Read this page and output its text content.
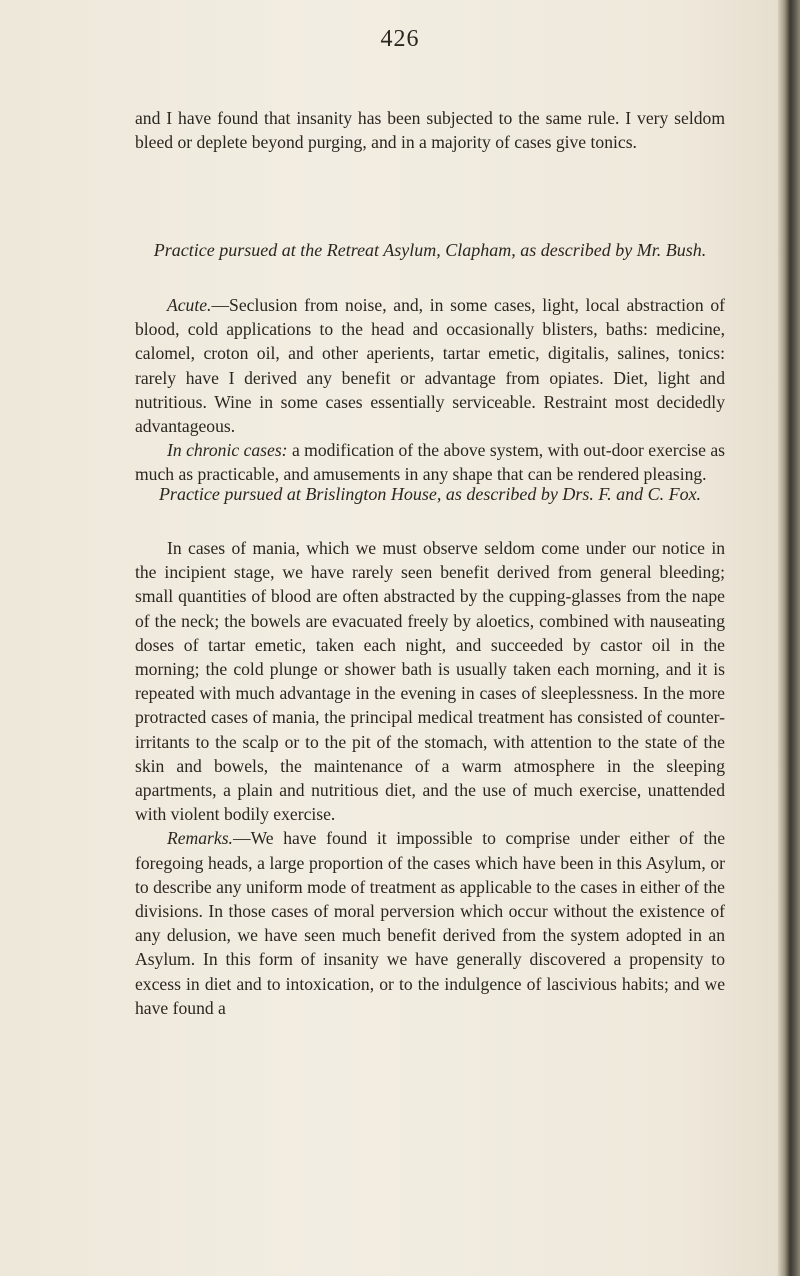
426

and I have found that insanity has been subjected to the same rule. I very seldom bleed or deplete beyond purging, and in a majority of cases give tonics.

Practice pursued at the Retreat Asylum, Clapham, as described by Mr. Bush.

Acute.—Seclusion from noise, and, in some cases, light, local abstraction of blood, cold applications to the head and occasionally blisters, baths: medicine, calomel, croton oil, and other aperients, tartar emetic, digitalis, salines, tonics: rarely have I derived any benefit or advantage from opiates. Diet, light and nutritious. Wine in some cases essentially serviceable. Restraint most decidedly advantageous.

In chronic cases: a modification of the above system, with out-door exercise as much as practicable, and amusements in any shape that can be rendered pleasing.

Practice pursued at Brislington House, as described by Drs. F. and C. Fox.

In cases of mania, which we must observe seldom come under our notice in the incipient stage, we have rarely seen benefit derived from general bleeding; small quantities of blood are often abstracted by the cupping-glasses from the nape of the neck; the bowels are evacuated freely by aloetics, combined with nauseating doses of tartar emetic, taken each night, and succeeded by castor oil in the morning; the cold plunge or shower bath is usually taken each morning, and it is repeated with much advantage in the evening in cases of sleeplessness. In the more protracted cases of mania, the principal medical treatment has consisted of counter-irritants to the scalp or to the pit of the stomach, with attention to the state of the skin and bowels, the maintenance of a warm atmosphere in the sleeping apartments, a plain and nutritious diet, and the use of much exercise, unattended with violent bodily exercise.

Remarks.—We have found it impossible to comprise under either of the foregoing heads, a large proportion of the cases which have been in this Asylum, or to describe any uniform mode of treatment as applicable to the cases in either of the divisions. In those cases of moral perversion which occur without the existence of any delusion, we have seen much benefit derived from the system adopted in an Asylum. In this form of insanity we have generally discovered a propensity to excess in diet and to intoxication, or to the indulgence of lascivious habits; and we have found a
